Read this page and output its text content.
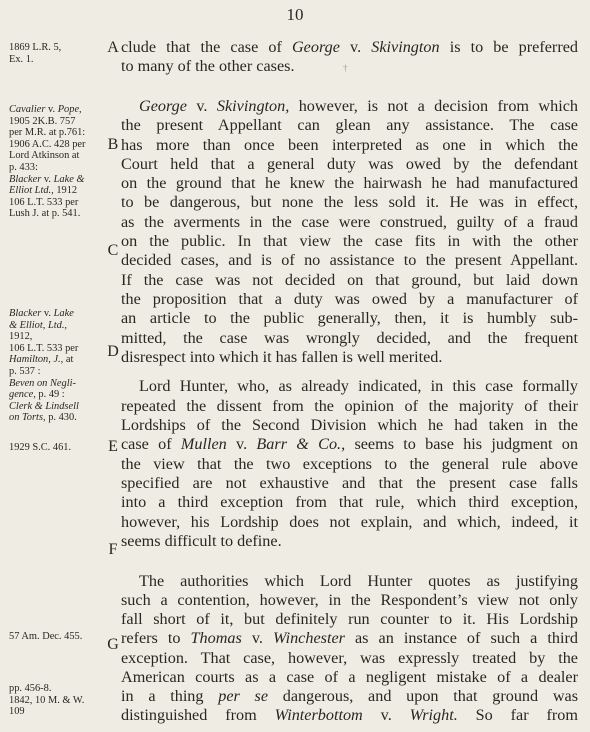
10
†
1869 L.R. 5,
Ex. 1.
Cavalier v. Pope,
1905 2K.B. 757
per M.R. at p.761:
1906 A.C. 428 per
Lord Atkinson at
p. 433:
Blacker v. Lake &
Elliot Ltd., 1912
106 L.T. 533 per
Lush J. at p. 541.
Blacker v. Lake
& Elliot, Ltd.,
1912,
106 L.T. 533 per
Hamilton, J., at
p. 537 :
Beven on Negli-
gence, p. 49 :
Clerk & Lindsell
on Torts, p. 430.
1929 S.C. 461.
57 Am. Dec. 455.
pp. 456-8.
1842, 10 M. & W.
109
A
B
C
D
E
F
G
clude that the case of George v. Skivington is to be preferred
to many of the other cases.
George v. Skivington, however, is not a decision from which
the present Appellant can glean any assistance. The case
has more than once been interpreted as one in which the
Court held that a general duty was owed by the defendant
on the ground that he knew the hairwash he had manufactured
to be dangerous, but none the less sold it. He was in effect,
as the averments in the case were construed, guilty of a fraud
on the public. In that view the case fits in with the other
decided cases, and is of no assistance to the present Appellant.
If the case was not decided on that ground, but laid down
the proposition that a duty was owed by a manufacturer of
an article to the public generally, then, it is humbly sub-
mitted, the case was wrongly decided, and the frequent
disrespect into which it has fallen is well merited.
Lord Hunter, who, as already indicated, in this case formally
repeated the dissent from the opinion of the majority of their
Lordships of the Second Division which he had taken in the
case of Mullen v. Barr & Co., seems to base his judgment on
the view that the two exceptions to the general rule above
specified are not exhaustive and that the present case falls
into a third exception from that rule, which third exception,
however, his Lordship does not explain, and which, indeed, it
seems difficult to define.
The authorities which Lord Hunter quotes as justifying
such a contention, however, in the Respondent’s view not only
fall short of it, but definitely run counter to it. His Lordship
refers to Thomas v. Winchester as an instance of such a third
exception. That case, however, was expressly treated by the
American courts as a case of a negligent mistake of a dealer
in a thing per se dangerous, and upon that ground was
distinguished from Winterbottom v. Wright. So far from
